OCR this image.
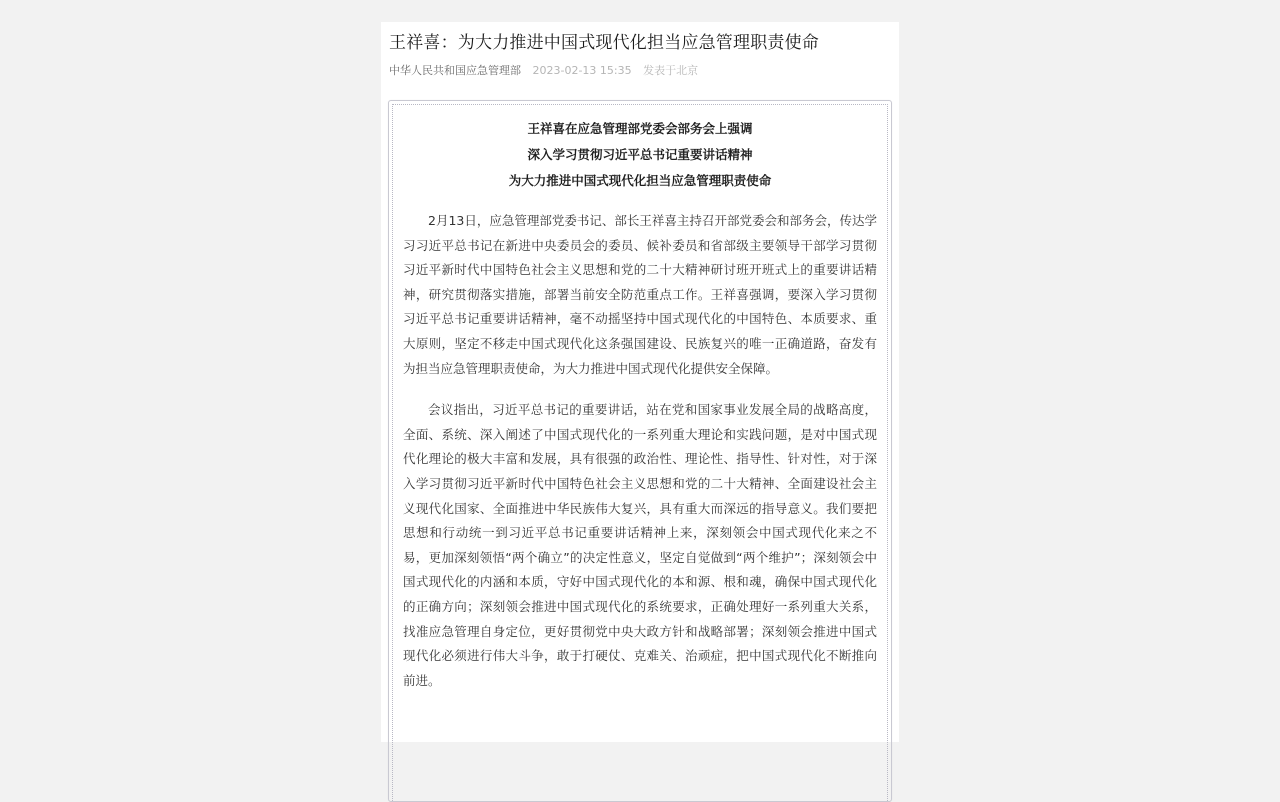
王祥喜：为大力推进中国式现代化担当应急管理职责使命
中华人民共和国应急管理部 2023-02-13 15:35 发表于北京

王祥喜在应急管理部党委会部务会上强调

深入学习贯彻习近平总书记重要讲话精神

为大力推进中国式现代化担当应急管理职责使命

2月13日，应急管理部党委书记、部长王祥喜主持召开部党委会和部务会，传达学习习近平总书记在新进中央委员会的委员、候补委员和省部级主要领导干部学习贯彻习近平新时代中国特色社会主义思想和党的二十大精神研讨班开班式上的重要讲话精神，研究贯彻落实措施，部署当前安全防范重点工作。王祥喜强调，要深入学习贯彻习近平总书记重要讲话精神，毫不动摇坚持中国式现代化的中国特色、本质要求、重大原则，坚定不移走中国式现代化这条强国建设、民族复兴的唯一正确道路，奋发有为担当应急管理职责使命，为大力推进中国式现代化提供安全保障。

会议指出，习近平总书记的重要讲话，站在党和国家事业发展全局的战略高度，全面、系统、深入阐述了中国式现代化的一系列重大理论和实践问题，是对中国式现代化理论的极大丰富和发展，具有很强的政治性、理论性、指导性、针对性，对于深入学习贯彻习近平新时代中国特色社会主义思想和党的二十大精神、全面建设社会主义现代化国家、全面推进中华民族伟大复兴，具有重大而深远的指导意义。我们要把思想和行动统一到习近平总书记重要讲话精神上来，深刻领会中国式现代化来之不易，更加深刻领悟“两个确立”的决定性意义，坚定自觉做到“两个维护”；深刻领会中国式现代化的内涵和本质，守好中国式现代化的本和源、根和魂，确保中国式现代化的正确方向；深刻领会推进中国式现代化的系统要求，正确处理好一系列重大关系，找准应急管理自身定位，更好贯彻党中央大政方针和战略部署；深刻领会推进中国式现代化必须进行伟大斗争，敢于打硬仗、克难关、治顽症，把中国式现代化不断推向前进。
